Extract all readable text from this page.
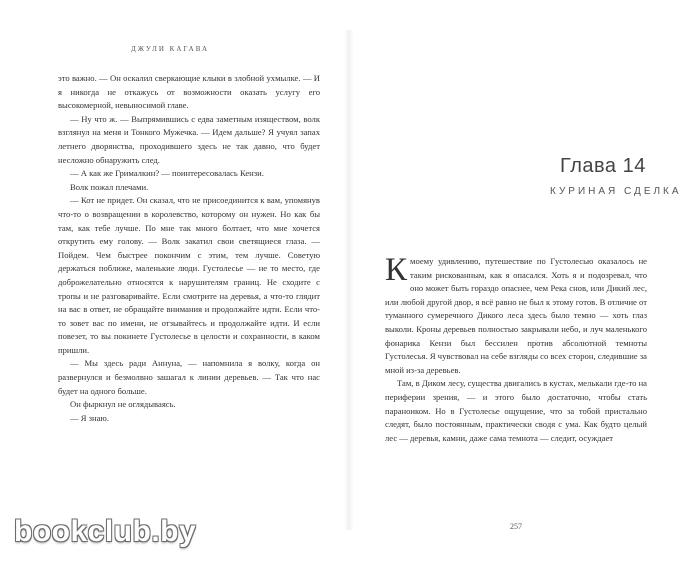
ДЖУЛИ КАГАВА

это важно. — Он оскалил сверкающие клыки в злобной ухмылке. — И я никогда не откажусь от возможности оказать услугу его высокомерной, невыносимой главе.

— Ну что ж. — Выпрямившись с едва заметным изяществом, волк взглянул на меня и Тонкого Мужечка. — Идем дальше? Я учуял запах летнего дворянства, проходившего здесь не так давно, что будет несложно обнаружить след.

— А как же Грималкин? — поинтересовалась Кензи.

Волк пожал плечами.

— Кот не придет. Он сказал, что не присоединится к вам, упомянув что-то о возвращении в королевство, которому он нужен. Но как бы там, как тебе лучше. По мне так много болтает, что мне хочется открутить ему голову. — Волк закатил свои светящиеся глаза. — Пойдем. Чем быстрее покончим с этим, тем лучше. Советую держаться поближе, маленькие люди. Густолесье — не то место, где доброжелательно относятся к нарушителям границ. Не сходите с тропы и не разговаривайте. Если смотрите на деревья, а что-то глядит на вас в ответ, не обращайте внимания и продолжайте идти. Если что-то зовет вас по имени, не отзывайтесь и продолжайте идти. И если повезет, то вы покинете Густолесье в целости и сохранности, в каком пришли.

— Мы здесь ради Аннуна, — напомнила я волку, когда он развернулся и безмолвно зашагал к линии деревьев. — Так что нас будет на одного больше.

Он фыркнул не оглядываясь.

— Я знаю.

Глава 14
КУРИНАЯ СДЕЛКА

Кмоему удивлению, путешествие по Густолесью оказалось не таким рискованным, как я опасался. Хоть я и подозревал, что оно может быть гораздо опаснее, чем Река снов, или Дикий лес, или любой другой двор, я всё равно не был к этому готов. В отличие от туманного сумеречного Дикого леса здесь было темно — хоть глаз выколи. Кроны деревьев полностью закрывали небо, и луч маленького фонарика Кензи был бессилен против абсолютной темноты Густолесья. Я чувствовал на себе взгляды со всех сторон, следившие за мной из-за деревьев.

Там, в Диком лесу, существа двигались в кустах, мелькали где-то на периферии зрения, — и этого было достаточно, чтобы стать параноиком. Но в Густолесье ощущение, что за тобой пристально следят, было постоянным, практически сводя с ума. Как будто целый лес — деревья, камни, даже сама темнота — следит, осуждает

257
bookclub.by
